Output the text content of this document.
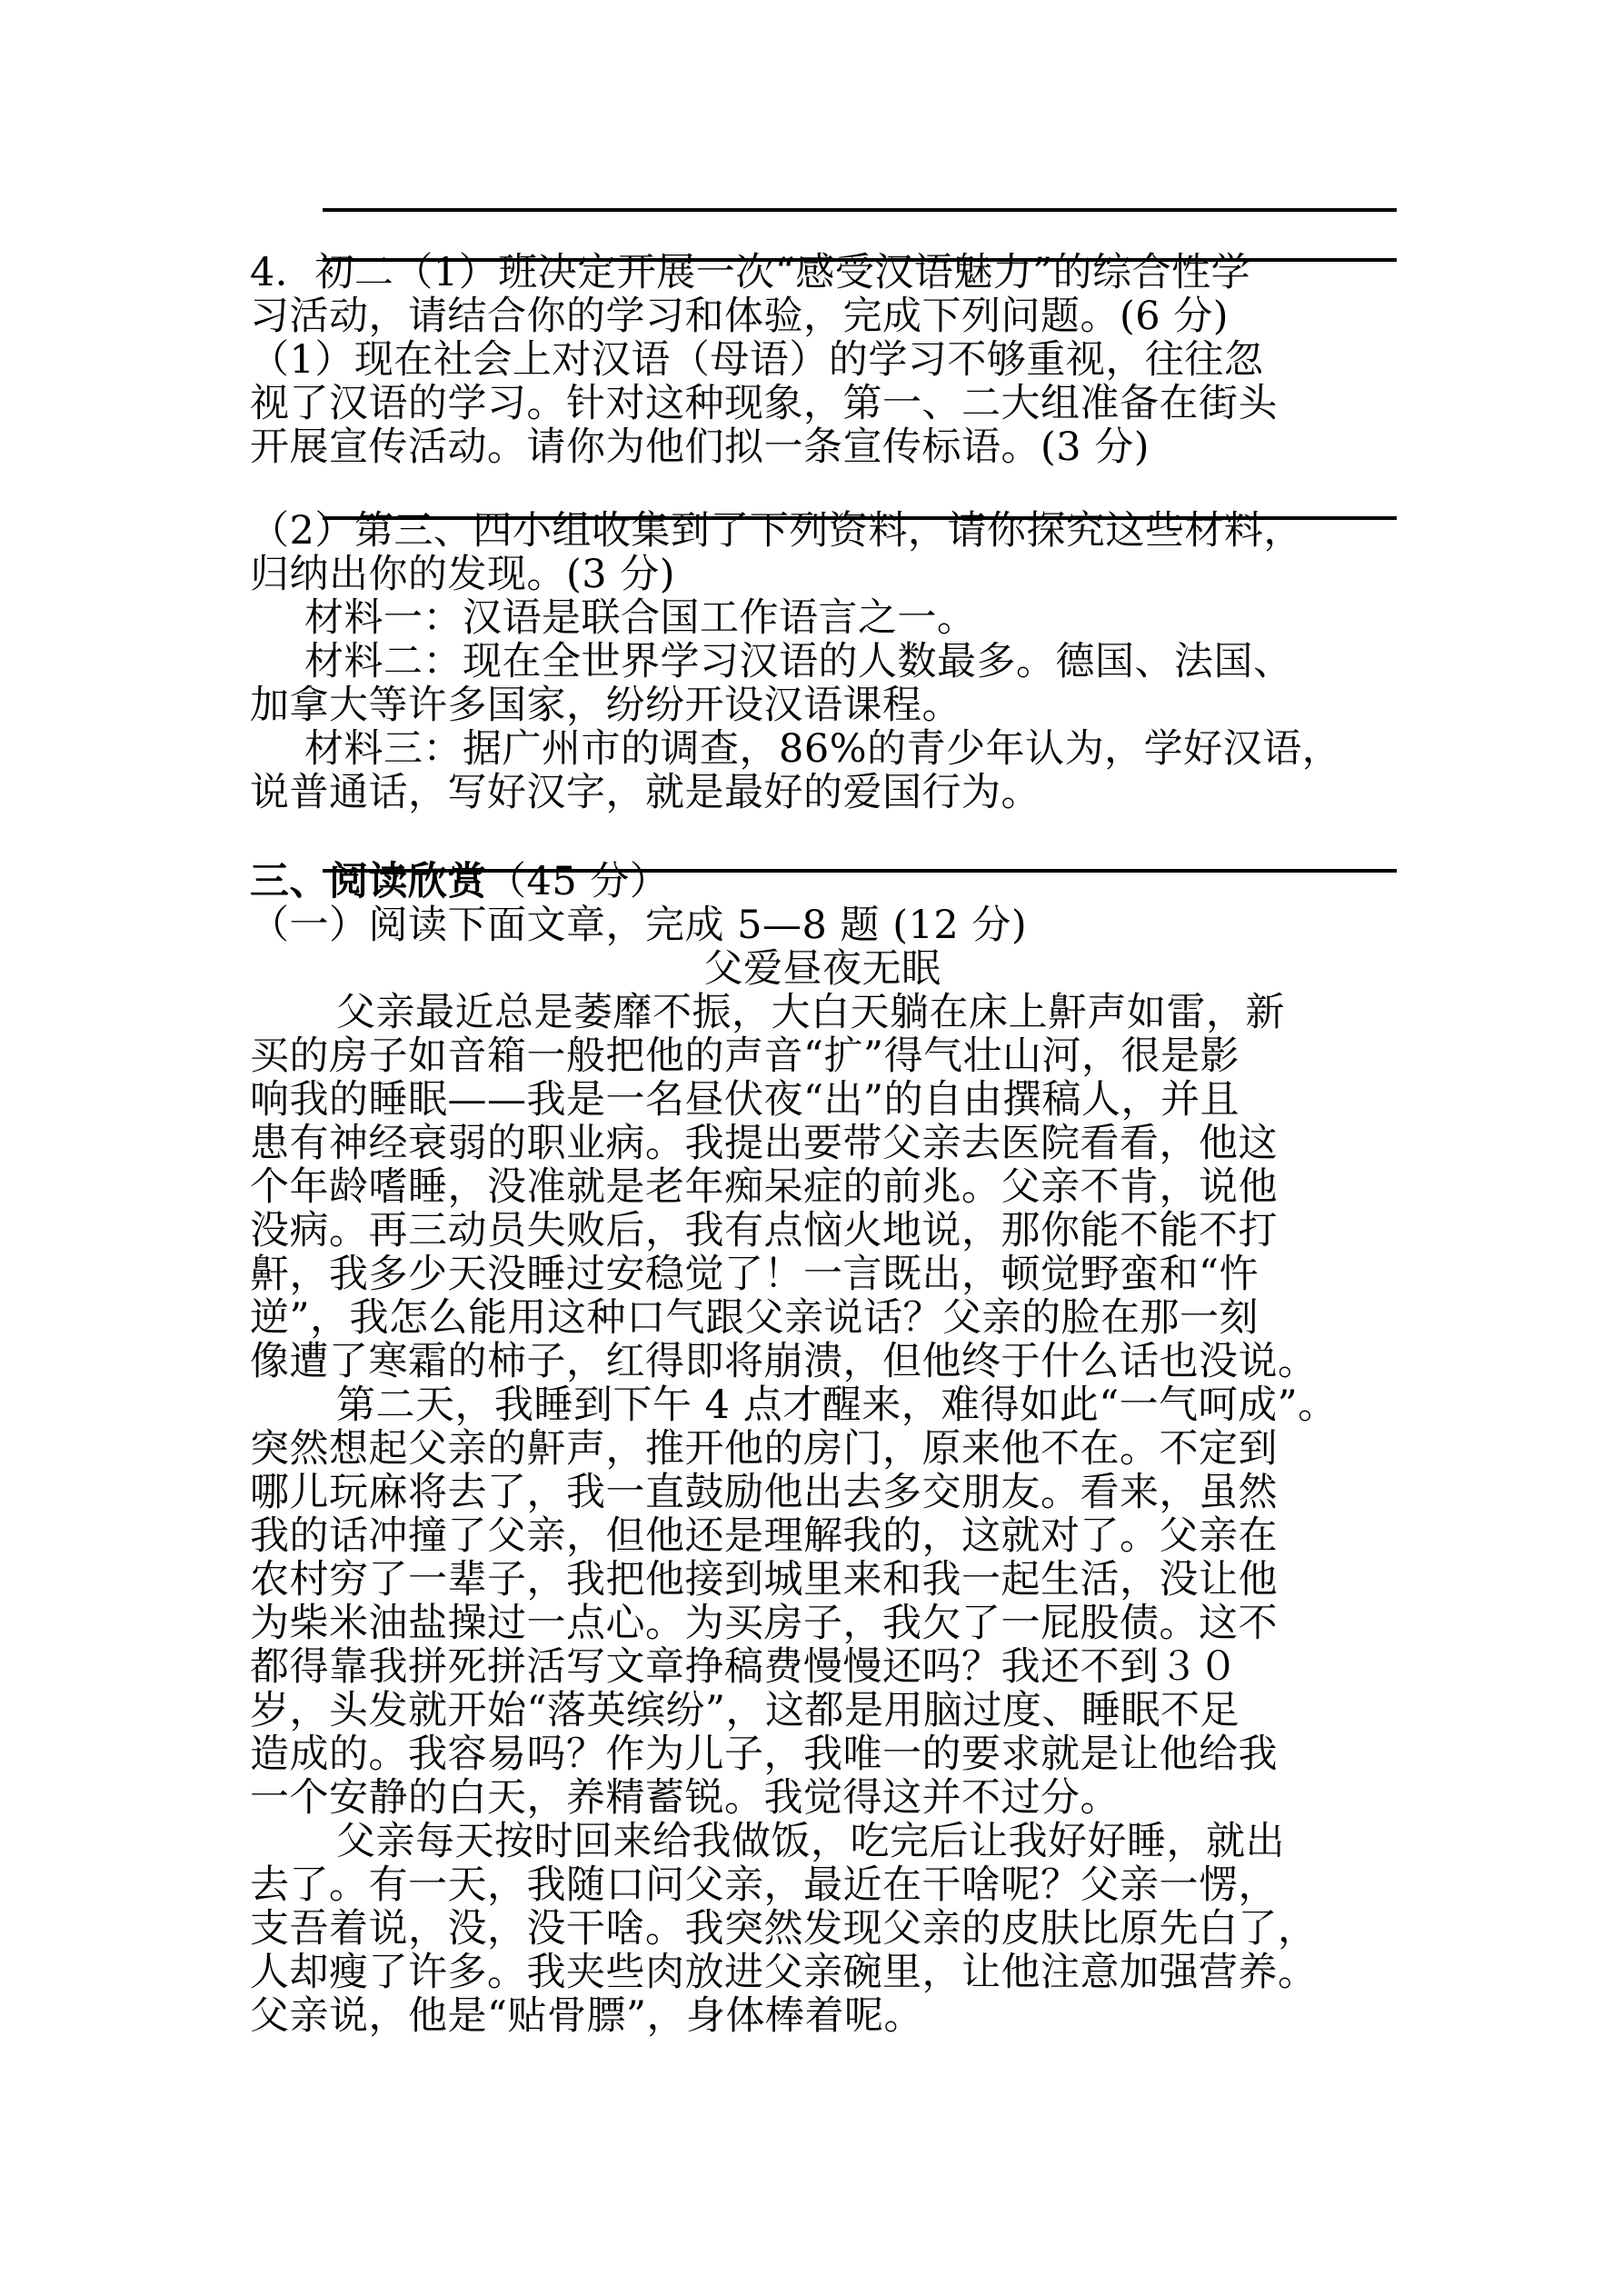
4．初二（1）班决定开展一次“感受汉语魅力”的综合性学
习活动，请结合你的学习和体验，完成下列问题。(6 分)
（1）现在社会上对汉语（母语）的学习不够重视，往往忽
视了汉语的学习。针对这种现象，第一、二大组准备在街头
开展宣传活动。请你为他们拟一条宣传标语。(3 分)
（2）第三、四小组收集到了下列资料，请你探究这些材料，
归纳出你的发现。(3 分)
材料一：汉语是联合国工作语言之一。
材料二：现在全世界学习汉语的人数最多。德国、法国、
加拿大等许多国家，纷纷开设汉语课程。
材料三：据广州市的调查，86%的青少年认为，学好汉语，
说普通话，写好汉字，就是最好的爱国行为。
三、阅读欣赏（45 分）
（一）阅读下面文章，完成 5—8 题 (12 分)
父爱昼夜无眠
父亲最近总是萎靡不振，大白天躺在床上鼾声如雷，新
买的房子如音箱一般把他的声音“扩”得气壮山河，很是影
响我的睡眠——我是一名昼伏夜“出”的自由撰稿人，并且
患有神经衰弱的职业病。我提出要带父亲去医院看看，他这
个年龄嗜睡，没准就是老年痴呆症的前兆。父亲不肯，说他
没病。再三动员失败后，我有点恼火地说，那你能不能不打
鼾，我多少天没睡过安稳觉了！一言既出，顿觉野蛮和“忤
逆”，我怎么能用这种口气跟父亲说话？父亲的脸在那一刻
像遭了寒霜的柿子，红得即将崩溃，但他终于什么话也没说。
第二天，我睡到下午 4 点才醒来，难得如此“一气呵成”。
突然想起父亲的鼾声，推开他的房门，原来他不在。不定到
哪儿玩麻将去了，我一直鼓励他出去多交朋友。看来，虽然
我的话冲撞了父亲，但他还是理解我的，这就对了。父亲在
农村穷了一辈子，我把他接到城里来和我一起生活，没让他
为柴米油盐操过一点心。为买房子，我欠了一屁股债。这不
都得靠我拼死拼活写文章挣稿费慢慢还吗？我还不到３０
岁，头发就开始“落英缤纷”，这都是用脑过度、睡眠不足
造成的。我容易吗？作为儿子，我唯一的要求就是让他给我
一个安静的白天，养精蓄锐。我觉得这并不过分。
父亲每天按时回来给我做饭，吃完后让我好好睡，就出
去了。有一天，我随口问父亲，最近在干啥呢？父亲一愣，
支吾着说，没，没干啥。我突然发现父亲的皮肤比原先白了，
人却瘦了许多。我夹些肉放进父亲碗里，让他注意加强营养。
父亲说，他是“贴骨膘”，身体棒着呢。
